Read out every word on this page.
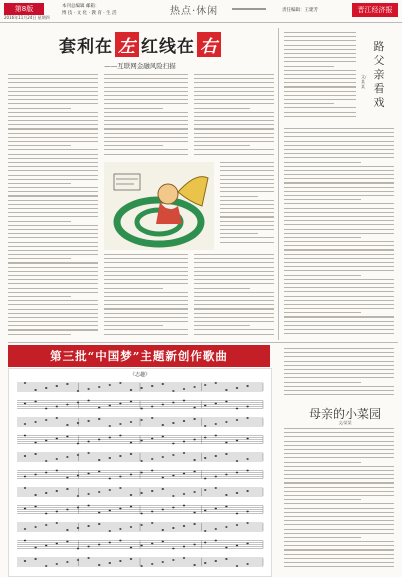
第8版
2016年11月24日 星期四
本刊总编辑 邮箱：
博 技 · 文 化 · 教 育 · 生 活	热点·休闲	责任编辑：王建芳	晋江经济报
套利在 左 红线在 右
——互联网金融风险扫描
路父亲看戏
文/某某
第三批“中国梦”主题新创作歌曲
《志趣》
母亲的小菜园
文/某某
